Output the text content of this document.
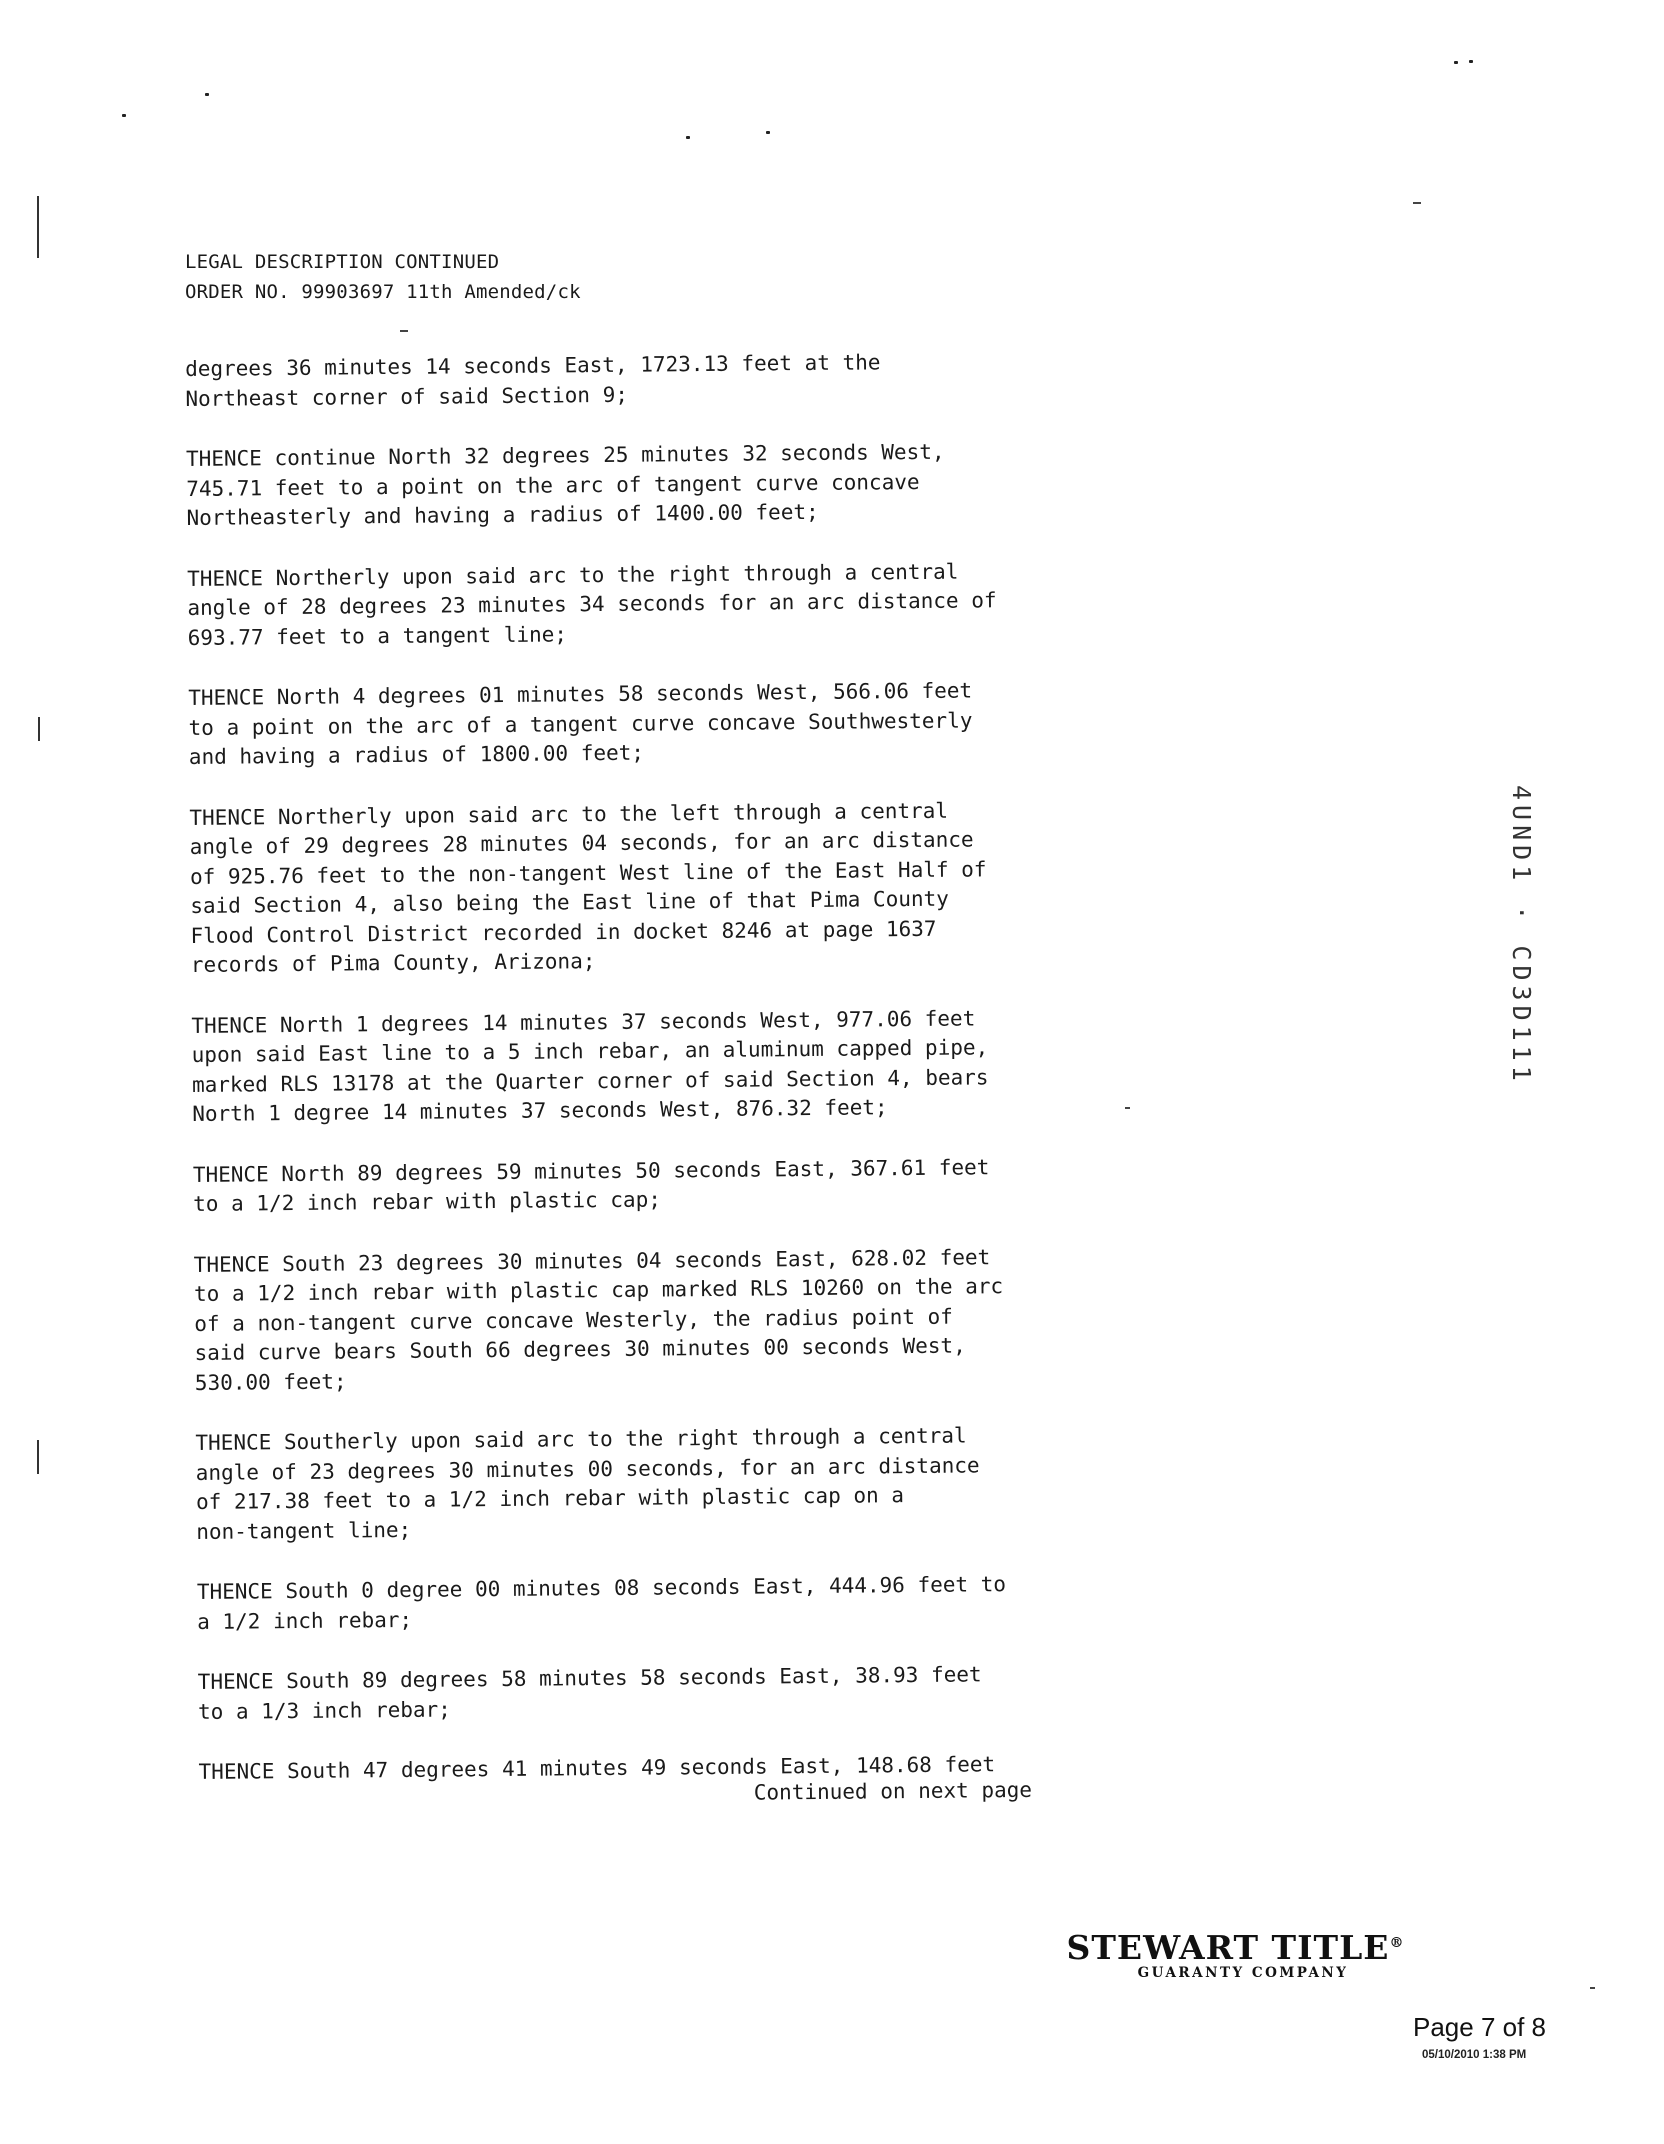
LEGAL DESCRIPTION CONTINUED
ORDER NO. 99903697 11th Amended/ck
degrees 36 minutes 14 seconds East, 1723.13 feet at the
Northeast corner of said Section 9;
THENCE continue North 32 degrees 25 minutes 32 seconds West,
745.71 feet to a point on the arc of tangent curve concave
Northeasterly and having a radius of 1400.00 feet;
THENCE Northerly upon said arc to the right through a central
angle of 28 degrees 23 minutes 34 seconds for an arc distance of
693.77 feet to a tangent line;
THENCE North 4 degrees 01 minutes 58 seconds West, 566.06 feet
to a point on the arc of a tangent curve concave Southwesterly
and having a radius of 1800.00 feet;
THENCE Northerly upon said arc to the left through a central
angle of 29 degrees 28 minutes 04 seconds, for an arc distance
of 925.76 feet to the non-tangent West line of the East Half of
said Section 4, also being the East line of that Pima County
Flood Control District recorded in docket 8246 at page 1637
records of Pima County, Arizona;
THENCE North 1 degrees 14 minutes 37 seconds West, 977.06 feet
upon said East line to a 5 inch rebar, an aluminum capped pipe,
marked RLS 13178 at the Quarter corner of said Section 4, bears
North 1 degree 14 minutes 37 seconds West, 876.32 feet;
THENCE North 89 degrees 59 minutes 50 seconds East, 367.61 feet
to a 1/2 inch rebar with plastic cap;
THENCE South 23 degrees 30 minutes 04 seconds East, 628.02 feet
to a 1/2 inch rebar with plastic cap marked RLS 10260 on the arc
of a non-tangent curve concave Westerly, the radius point of
said curve bears South 66 degrees 30 minutes 00 seconds West,
530.00 feet;
THENCE Southerly upon said arc to the right through a central
angle of 23 degrees 30 minutes 00 seconds, for an arc distance
of 217.38 feet to a 1/2 inch rebar with plastic cap on a
non-tangent line;
THENCE South 0 degree 00 minutes 08 seconds East, 444.96 feet to
a 1/2 inch rebar;
THENCE South 89 degrees 58 minutes 58 seconds East, 38.93 feet
to a 1/3 inch rebar;
THENCE South 47 degrees 41 minutes 49 seconds East, 148.68 feet
Continued on next page
4UND1 · CD3D111
STEWART TITLE®
GUARANTY COMPANY
Page 7 of 8
05/10/2010 1:38 PM
